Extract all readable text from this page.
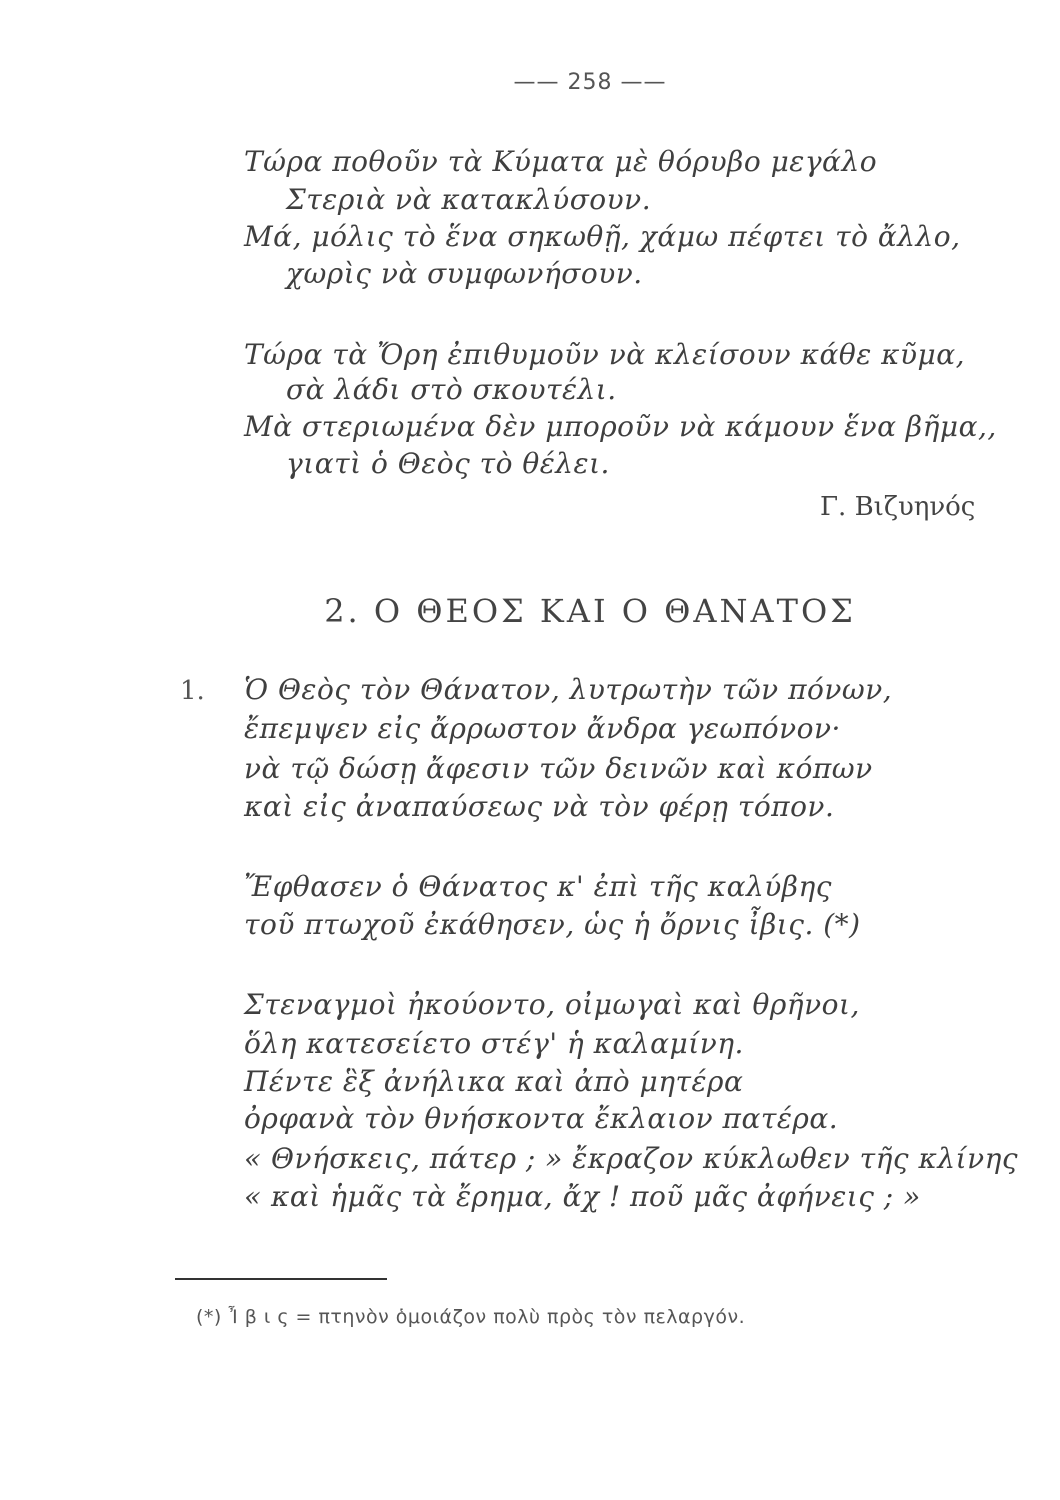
—— 258 ——
Τώρα ποθοῦν τὰ Κύματα μὲ θόρυβο μεγάλο
Στεριὰ νὰ κατακλύσουν.
Μά, μόλις τὸ ἕνα σηκωθῇ, χάμω πέφτει τὸ ἄλλο,
χωρὶς νὰ συμφωνήσουν.
Τώρα τὰ Ὄρη ἐπιθυμοῦν νὰ κλείσουν κάθε κῦμα,
σὰ λάδι στὸ σκουτέλι.
Μὰ στεριωμένα δὲν μποροῦν νὰ κάμουν ἕνα βῆμα,,
γιατὶ ὁ Θεὸς τὸ θέλει.
Γ. Βιζυηνός
2. Ο ΘΕΟΣ ΚΑΙ Ο ΘΑΝΑΤΟΣ
1. Ὁ Θεὸς τὸν Θάνατον, λυτρωτὴν τῶν πόνων,
ἔπεμψεν εἰς ἄρρωστον ἄνδρα γεωπόνον·
νὰ τῷ δώσῃ ἄφεσιν τῶν δεινῶν καὶ κόπων
καὶ εἰς ἀναπαύσεως νὰ τὸν φέρῃ τόπον.
Ἔφθασεν ὁ Θάνατος κ' ἐπὶ τῆς καλύβης
τοῦ πτωχοῦ ἐκάθησεν, ὡς ἡ ὄρνις ἶβις. (*)
Στεναγμοὶ ἠκούοντο, οἰμωγαὶ καὶ θρῆνοι,
ὅλη κατεσείετο στέγ' ἡ καλαμίνη.
Πέντε ἓξ ἀνήλικα καὶ ἀπὸ μητέρα
ὀρφανὰ τὸν θνήσκοντα ἔκλαιον πατέρα.
« Θνήσκεις, πάτερ ; » ἔκραζον κύκλωθεν τῆς κλίνης
« καὶ ἡμᾶς τὰ ἔρημα, ἄχ ! ποῦ μᾶς ἀφήνεις ; »
(*) Ἶ β ι ς = πτηνὸν ὁμοιάζον πολὺ πρὸς τὸν πελαργόν.
